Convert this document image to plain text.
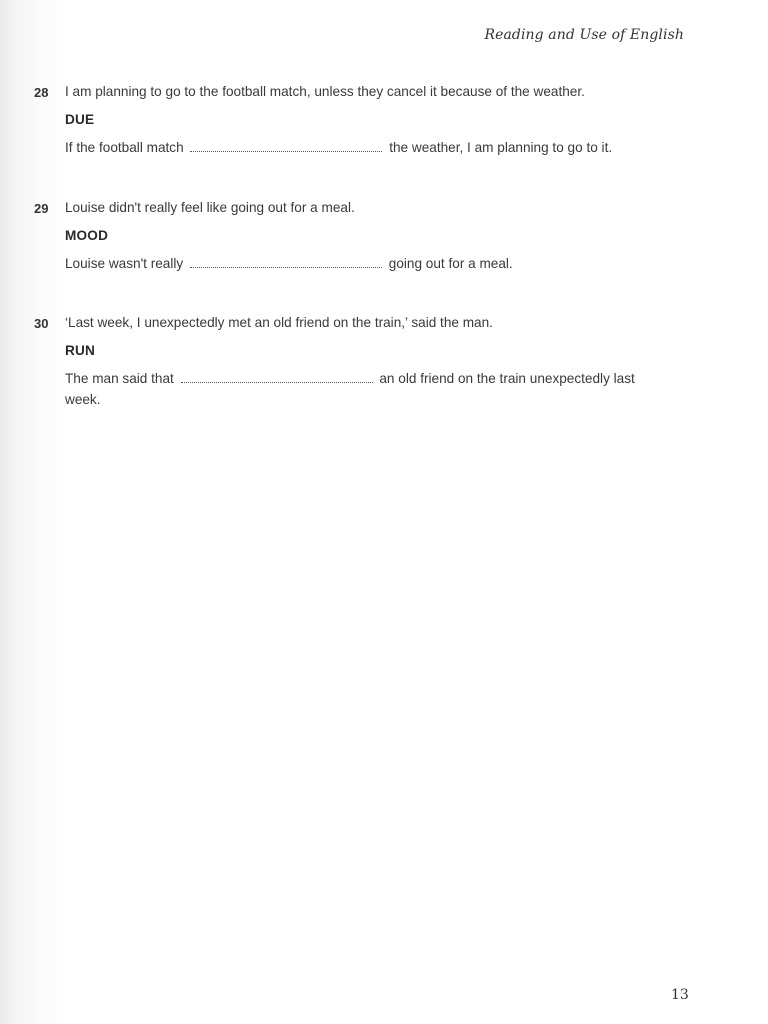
Reading and Use of English
28 I am planning to go to the football match, unless they cancel it because of the weather.
DUE
If the football match	the weather, I am planning to go to it.
29 Louise didn't really feel like going out for a meal.
MOOD
Louise wasn't really	going out for a meal.
30 ‘Last week, I unexpectedly met an old friend on the train,’ said the man.
RUN
The man said that	an old friend on the train unexpectedly last week.
13
